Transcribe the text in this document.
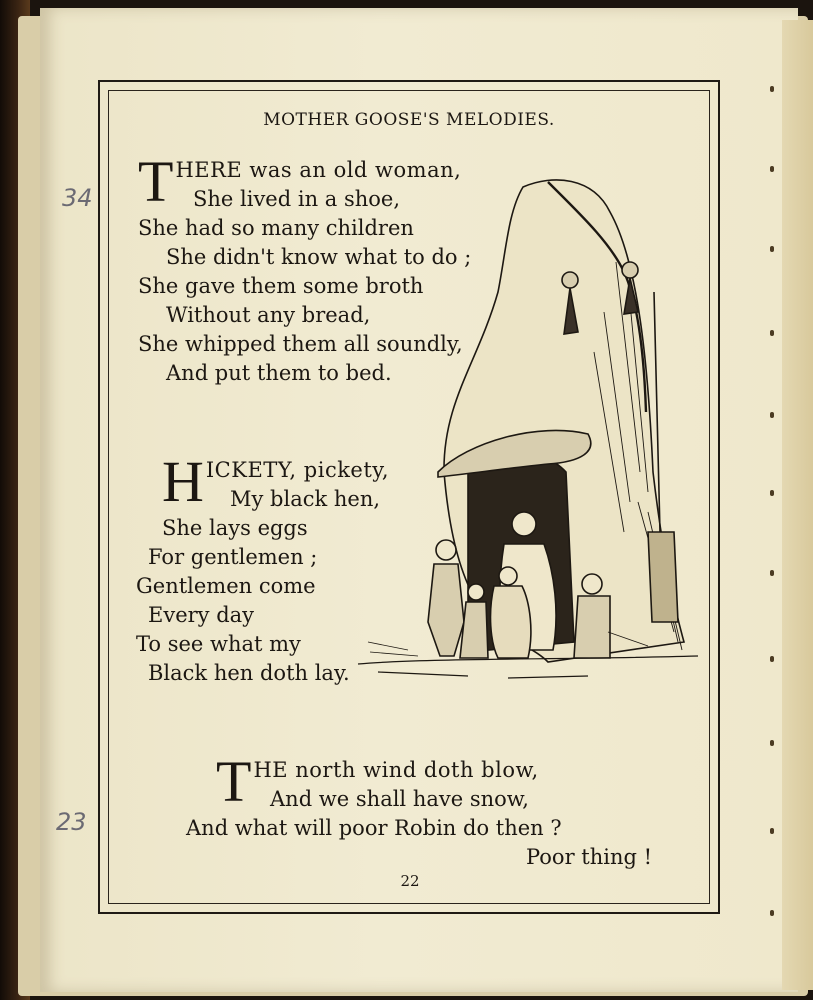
MOTHER GOOSE'S MELODIES.
34
23
THERE was an old woman,
She lived in a shoe,
She had so many children
She didn't know what to do ;
She gave them some broth
Without any bread,
She whipped them all soundly,
And put them to bed.
HICKETY, pickety,
My black hen,
She lays eggs
For gentlemen ;
Gentlemen come
Every day
To see what my
Black hen doth lay.
THE north wind doth blow,
And we shall have snow,
And what will poor Robin do then ?
Poor thing !
22
